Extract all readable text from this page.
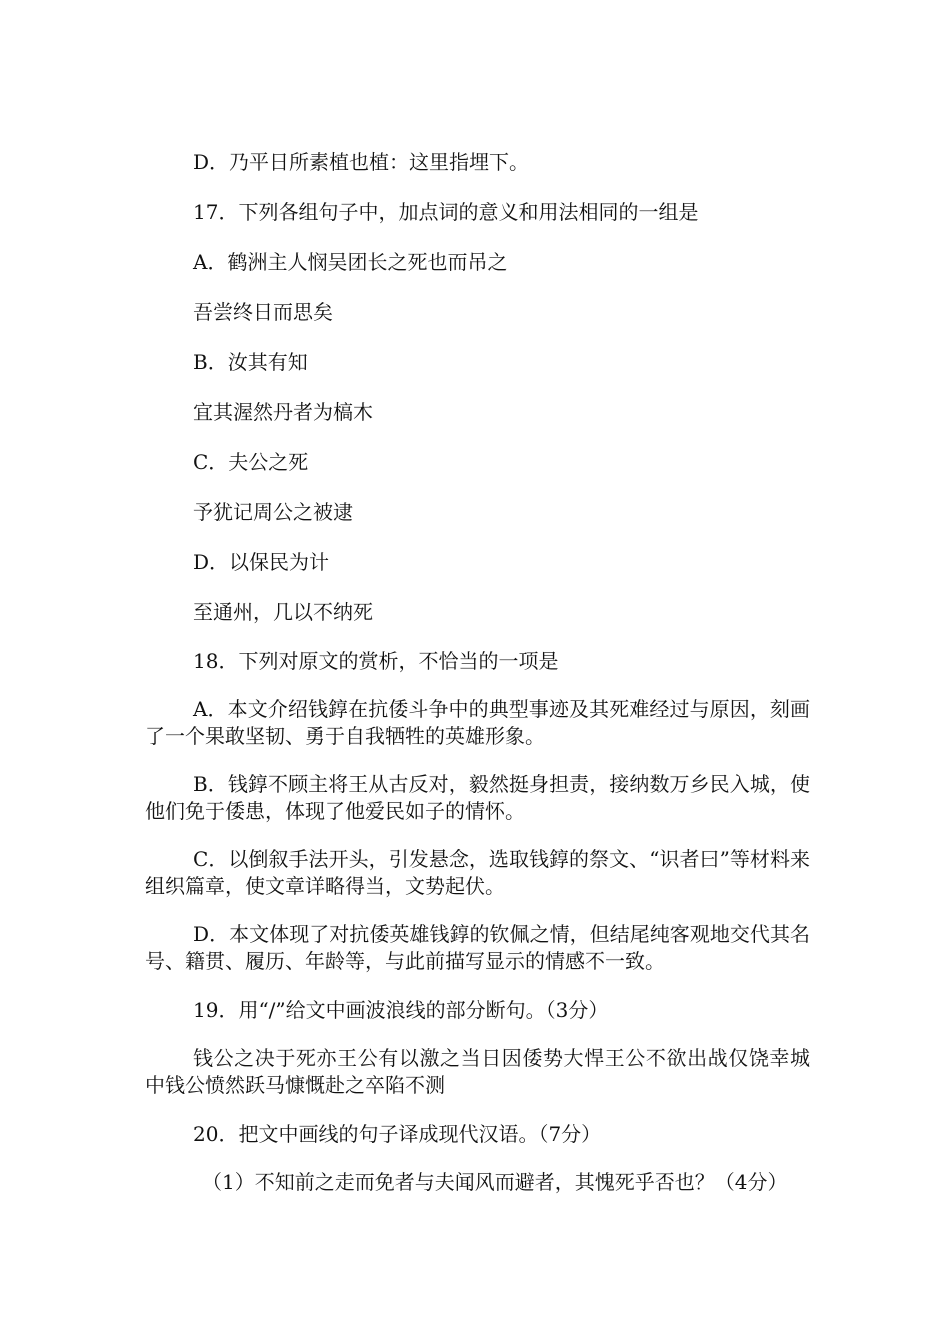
D．乃平日所素植也植：这里指埋下。
17．下列各组句子中，加点词的意义和用法相同的一组是
A．鹤洲主人悯吴团长之死也而吊之
吾尝终日而思矣
B．汝其有知
宜其渥然丹者为槁木
C．夫公之死
予犹记周公之被逮
D．以保民为计
至通州，几以不纳死
18．下列对原文的赏析，不恰当的一项是
A．本文介绍钱錞在抗倭斗争中的典型事迹及其死难经过与原因，刻画了一个果敢坚韧、勇于自我牺牲的英雄形象。
B．钱錞不顾主将王从古反对，毅然挺身担责，接纳数万乡民入城，使他们免于倭患，体现了他爱民如子的情怀。
C．以倒叙手法开头，引发悬念，选取钱錞的祭文、“识者曰”等材料来组织篇章，使文章详略得当，文势起伏。
D．本文体现了对抗倭英雄钱錞的钦佩之情，但结尾纯客观地交代其名号、籍贯、履历、年龄等，与此前描写显示的情感不一致。
19．用“/”给文中画波浪线的部分断句。（3分）
钱公之决于死亦王公有以激之当日因倭势大悍王公不欲出战仅饶幸城中钱公愤然跃马慷慨赴之卒陷不测
20．把文中画线的句子译成现代汉语。（7分）
（1）不知前之走而免者与夫闻风而避者，其愧死乎否也？（4分）
